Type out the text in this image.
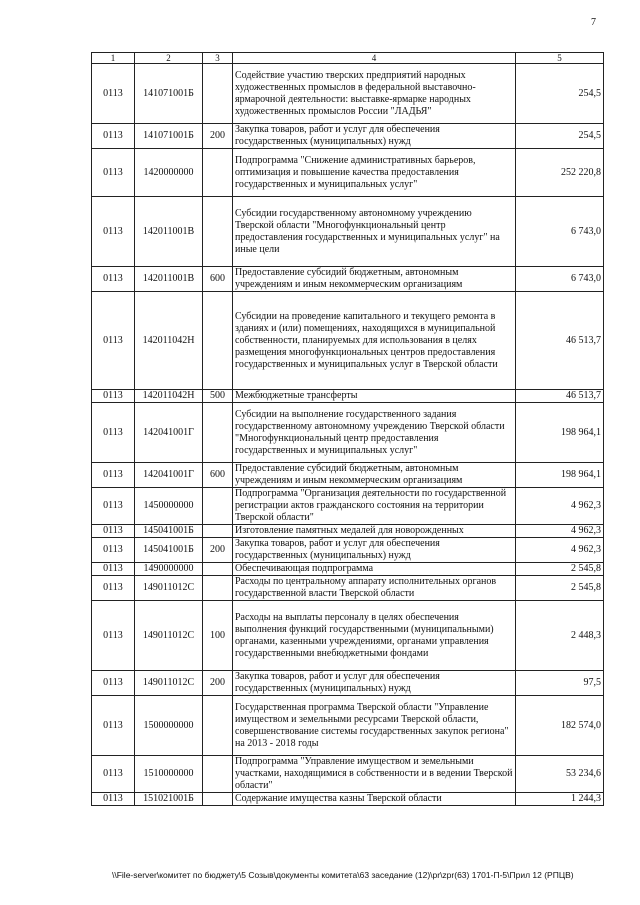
7
1	2	3	4	5
0113	141071001Б		Содействие участию тверских предприятий народных художественных промыслов в федеральной выставочно-ярмарочной деятельности: выставке-ярмарке народных художественных промыслов России "ЛАДЬЯ"	254,5
0113	141071001Б	200	Закупка товаров, работ и услуг для обеспечения государственных (муниципальных) нужд	254,5
0113	1420000000		Подпрограмма "Снижение административных барьеров, оптимизация и повышение качества предоставления государственных и муниципальных услуг"	252 220,8
0113	142011001В		Субсидии государственному автономному учреждению Тверской области "Многофункциональный центр предоставления государственных и муниципальных услуг" на иные цели	6 743,0
0113	142011001В	600	Предоставление субсидий бюджетным, автономным учреждениям и иным некоммерческим организациям	6 743,0
0113	142011042Н		Субсидии на проведение капитального и текущего ремонта в зданиях и (или) помещениях, находящихся в муниципальной собственности, планируемых для использования в целях размещения многофункциональных центров предоставления государственных и муниципальных услуг в Тверской области	46 513,7
0113	142011042Н	500	Межбюджетные трансферты	46 513,7
0113	142041001Г		Субсидии на выполнение государственного задания государственному автономному учреждению Тверской области "Многофункциональный центр предоставления государственных и муниципальных услуг"	198 964,1
0113	142041001Г	600	Предоставление субсидий бюджетным, автономным учреждениям и иным некоммерческим организациям	198 964,1
0113	1450000000		Подпрограмма "Организация деятельности по государственной регистрации актов гражданского состояния на территории Тверской области"	4 962,3
0113	145041001Б		Изготовление памятных медалей для новорожденных	4 962,3
0113	145041001Б	200	Закупка товаров, работ и услуг для обеспечения государственных (муниципальных) нужд	4 962,3
0113	1490000000		Обеспечивающая подпрограмма	2 545,8
0113	149011012С		Расходы по центральному аппарату исполнительных органов государственной власти Тверской области	2 545,8
0113	149011012С	100	Расходы на выплаты персоналу в целях обеспечения выполнения функций государственными (муниципальными) органами, казенными учреждениями, органами управления государственными внебюджетными фондами	2 448,3
0113	149011012С	200	Закупка товаров, работ и услуг для обеспечения государственных (муниципальных) нужд	97,5
0113	1500000000		Государственная программа Тверской области "Управление имуществом и земельными ресурсами Тверской области, совершенствование системы государственных закупок региона" на 2013 - 2018 годы	182 574,0
0113	1510000000		Подпрограмма "Управление имуществом и земельными участками, находящимися в собственности и в ведении Тверской области"	53 234,6
0113	151021001Б		Содержание имущества казны Тверской области	1 244,3
\\File-server\комитет по бюджету\5 Созыв\документы комитета\63 заседание (12)\pr\zpr(63) 1701-П-5\Прил 12 (РПЦВ)
